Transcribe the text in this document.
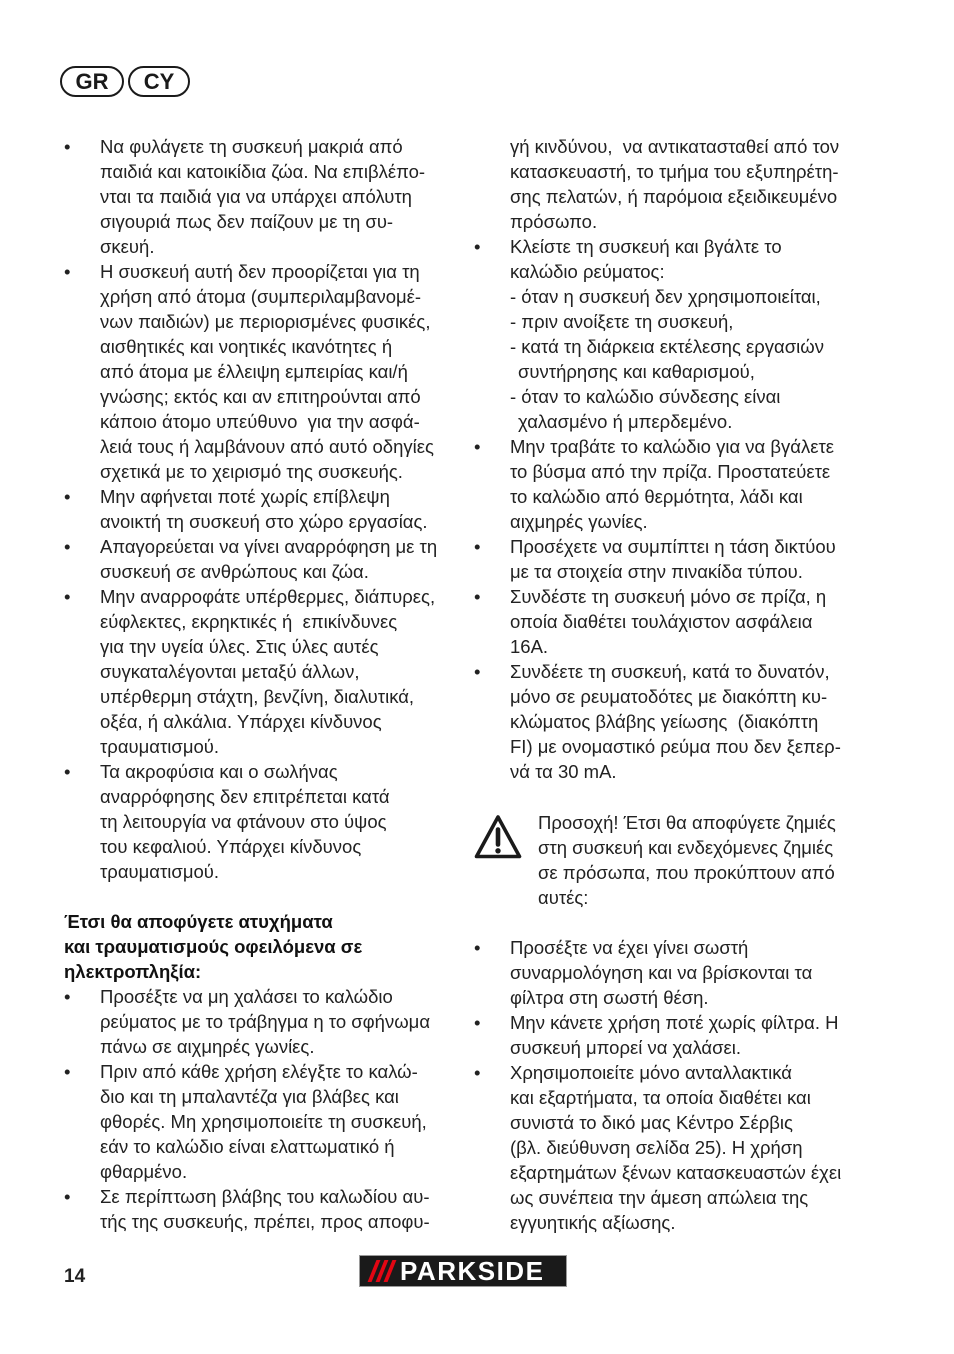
GR	CY
• Να φυλάγετε τη συσκευή μακριά από
παιδιά και κατοικίδια ζώα. Να επιβλέπο-
νται τα παιδιά για να υπάρχει απόλυτη
σιγουριά πως δεν παίζουν με τη συ-
σκευή.
• Η συσκευή αυτή δεν προορίζεται για τη
χρήση από άτομα (συμπεριλαμβανομέ-
νων παιδιών) με περιορισμένες φυσικές,
αισθητικές και νοητικές ικανότητες ή
από άτομα με έλλειψη εμπειρίας και/ή
γνώσης; εκτός και αν επιτηρούνται από
κάποιο άτομο υπεύθυνο  για την ασφά-
λειά τους ή λαμβάνουν από αυτό οδηγίες
σχετικά με το χειρισμό της συσκευής.
• Μην αφήνεται ποτέ χωρίς επίβλεψη
ανοικτή τη συσκευή στο χώρο εργασίας.
• Απαγορεύεται να γίνει αναρρόφηση με τη
συσκευή σε ανθρώπους και ζώα.
• Μην αναρροφάτε υπέρθερμες, διάπυρες,
εύφλεκτες, εκρηκτικές ή  επικίνδυνες
για την υγεία ύλες. Στις ύλες αυτές
συγκαταλέγονται μεταξύ άλλων,
υπέρθερμη στάχτη, βενζίνη, διαλυτικά,
οξέα, ή αλκάλια. Υπάρχει κίνδυνος
τραυματισμού.
• Τα ακροφύσια και ο σωλήνας
αναρρόφησης δεν επιτρέπεται κατά
τη λειτουργία να φτάνουν στο ύψος
του κεφαλιού. Υπάρχει κίνδυνος
τραυματισμού.
Έτσι θα αποφύγετε ατυχήματα
και τραυματισμούς οφειλόμενα σε
ηλεκτροπληξία:
• Προσέξτε να μη χαλάσει το καλώδιο
ρεύματος με το τράβηγμα η το σφήνωμα
πάνω σε αιχμηρές γωνίες.
• Πριν από κάθε χρήση ελέγξτε το καλώ-
διο και τη μπαλαντέζα για βλάβες και
φθορές. Μη χρησιμοποιείτε τη συσκευή,
εάν το καλώδιο είναι ελαττωματικό ή
φθαρμένο.
• Σε περίπτωση βλάβης του καλωδίου αυ-
τής της συσκευής, πρέπει, προς αποφυ-
γή κινδύνου,  να αντικατασταθεί από τον
κατασκευαστή, το τμήμα του εξυπηρέτη-
σης πελατών, ή παρόμοια εξειδικευμένο
πρόσωπο.
• Κλείστε τη συσκευή και βγάλτε το
καλώδιο ρεύματος:
- όταν η συσκευή δεν χρησιμοποιείται,
- πριν ανοίξετε τη συσκευή,
- κατά τη διάρκεια εκτέλεσης εργασιών
συντήρησης και καθαρισμού,
- όταν το καλώδιο σύνδεσης είναι
χαλασμένο ή μπερδεμένο.
• Μην τραβάτε το καλώδιο για να βγάλετε
το βύσμα από την πρίζα. Προστατεύετε
το καλώδιο από θερμότητα, λάδι και
αιχμηρές γωνίες.
• Προσέχετε να συμπίπτει η τάση δικτύου
με τα στοιχεία στην πινακίδα τύπου.
• Συνδέστε τη συσκευή μόνο σε πρίζα, η
οποία διαθέτει τουλάχιστον ασφάλεια
16A.
• Συνδέετε τη συσκευή, κατά το δυνατόν,
μόνο σε ρευματοδότες με διακόπτη κυ-
κλώματος βλάβης γείωσης  (διακόπτη
FI) με ονομαστικό ρεύμα που δεν ξεπερ-
νά τα 30 mA.
Προσοχή! Έτσι θα αποφύγετε ζημιές
στη συσκευή και ενδεχόμενες ζημιές
σε πρόσωπα, που προκύπτουν από
αυτές:
• Προσέξτε να έχει γίνει σωστή
συναρμολόγηση και να βρίσκονται τα
φίλτρα στη σωστή θέση.
• Μην κάνετε χρήση ποτέ χωρίς φίλτρα. Η
συσκευή μπορεί να χαλάσει.
• Χρησιμοποιείτε μόνο ανταλλακτικά
και εξαρτήματα, τα οποία διαθέτει και
συνιστά το δικό μας Κέντρο Σέρβις
(βλ. διεύθυνση σελίδα 25). Η χρήση
εξαρτημάτων ξένων κατασκευαστών έχει
ως συνέπεια την άμεση απώλεια της
εγγυητικής αξίωσης.
14	PARKSIDE
